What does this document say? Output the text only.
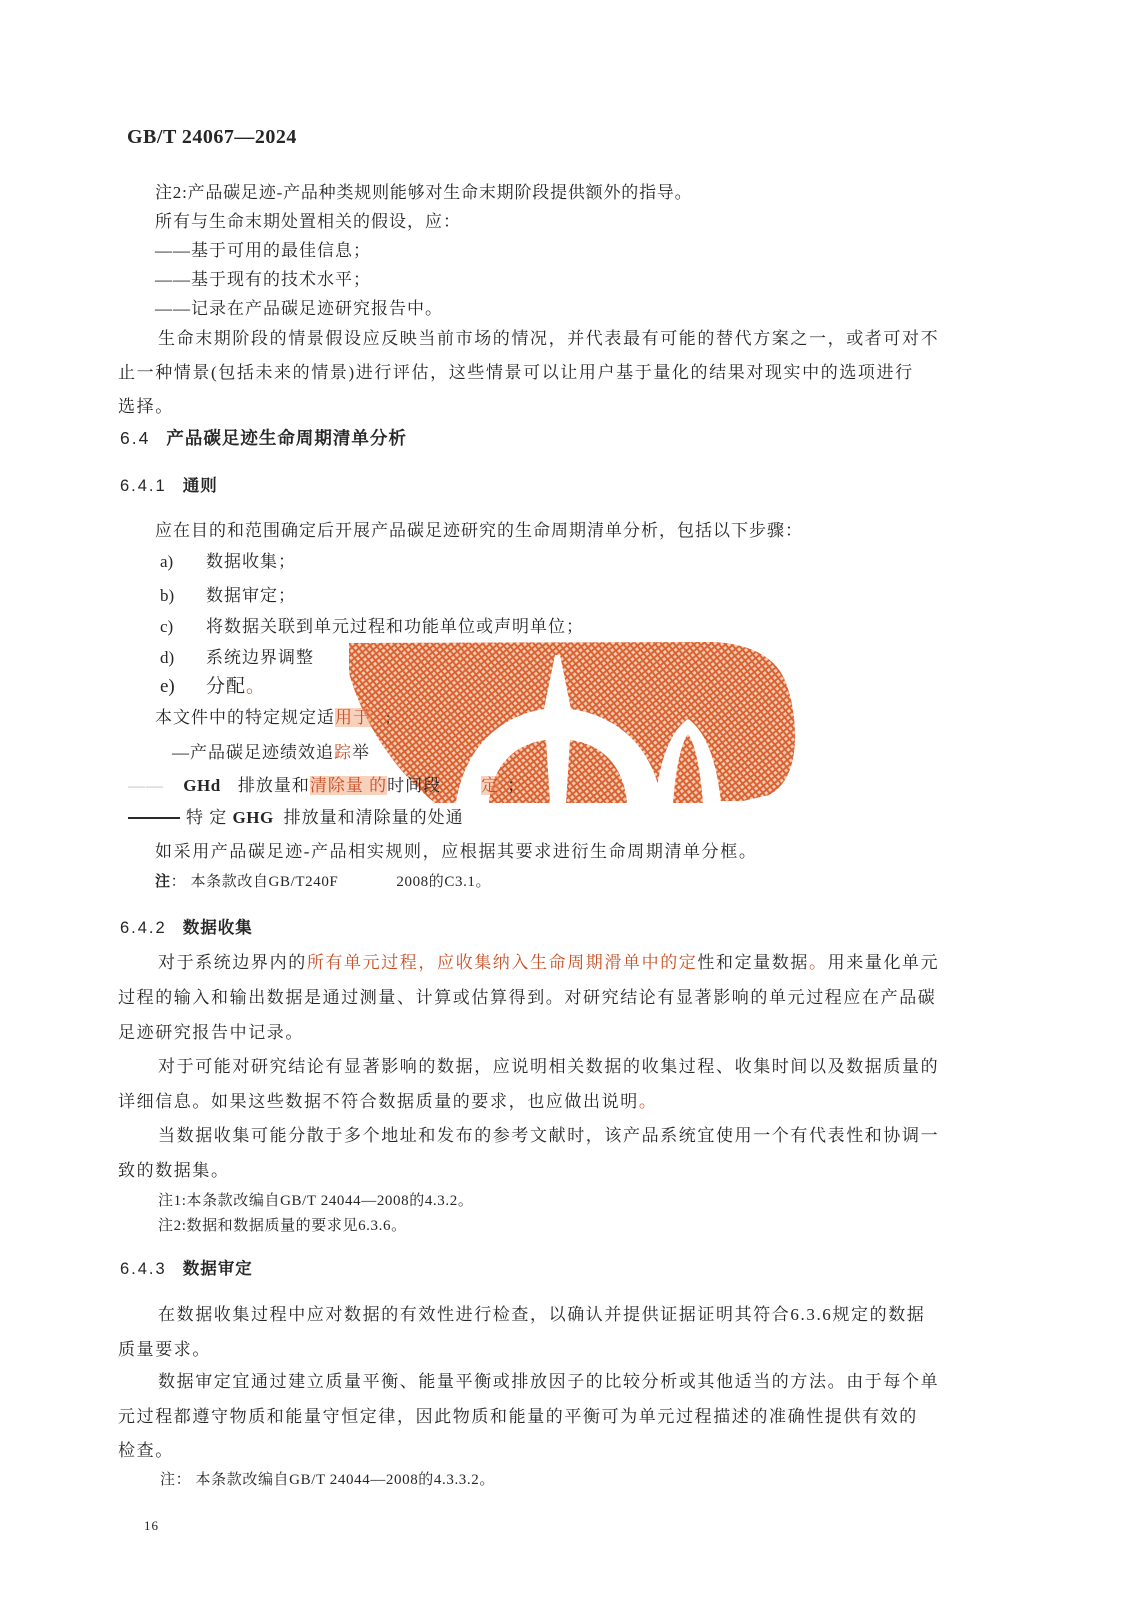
GB/T 24067—2024
注2:产品碳足迹-产品种类规则能够对生命末期阶段提供额外的指导。
所有与生命末期处置相关的假设，应：
——基于可用的最佳信息；
——基于现有的技术水平；
——记录在产品碳足迹研究报告中。
生命末期阶段的情景假设应反映当前市场的情况，并代表最有可能的替代方案之一，或者可对不
止一种情景(包括未来的情景)进行评估，这些情景可以让用户基于量化的结果对现实中的选项进行
选择。
6.4 产品碳足迹生命周期清单分析
6.4.1 通则
应在目的和范围确定后开展产品碳足迹研究的生命周期清单分析，包括以下步骤：
a) 数据收集；
b) 数据审定；
c) 将数据关联到单元过程和功能单位或声明单位；
d) 系统边界调整
e) 分配。
本文件中的特定规定适用于 ；
—产品碳足迹绩效追踪举
—— GHd 排放量和清除量 的时间段 定 ；
特 定 GHG 排放量和清除量的处通
如采用产品碳足迹-产品相实规则，应根据其要求进衍生命周期清单分框。
注： 本条款改自GB/T240F	2008的C3.1。
6.4.2 数据收集
对于系统边界内的所有单元过程，应收集纳入生命周期滑单中的定性和定量数据。用来量化单元
过程的输入和输出数据是通过测量、计算或估算得到。对研究结论有显著影响的单元过程应在产品碳
足迹研究报告中记录。
对于可能对研究结论有显著影响的数据，应说明相关数据的收集过程、收集时间以及数据质量的
详细信息。如果这些数据不符合数据质量的要求，也应做出说明。
当数据收集可能分散于多个地址和发布的参考文献时，该产品系统宜使用一个有代表性和协调一
致的数据集。
注1:本条款改编自GB/T 24044—2008的4.3.2。
注2:数据和数据质量的要求见6.3.6。
6.4.3 数据审定
在数据收集过程中应对数据的有效性进行检查，以确认并提供证据证明其符合6.3.6规定的数据
质量要求。
数据审定宜通过建立质量平衡、能量平衡或排放因子的比较分析或其他适当的方法。由于每个单
元过程都遵守物质和能量守恒定律，因此物质和能量的平衡可为单元过程描述的准确性提供有效的
检查。
注： 本条款改编自GB/T 24044—2008的4.3.3.2。
16
